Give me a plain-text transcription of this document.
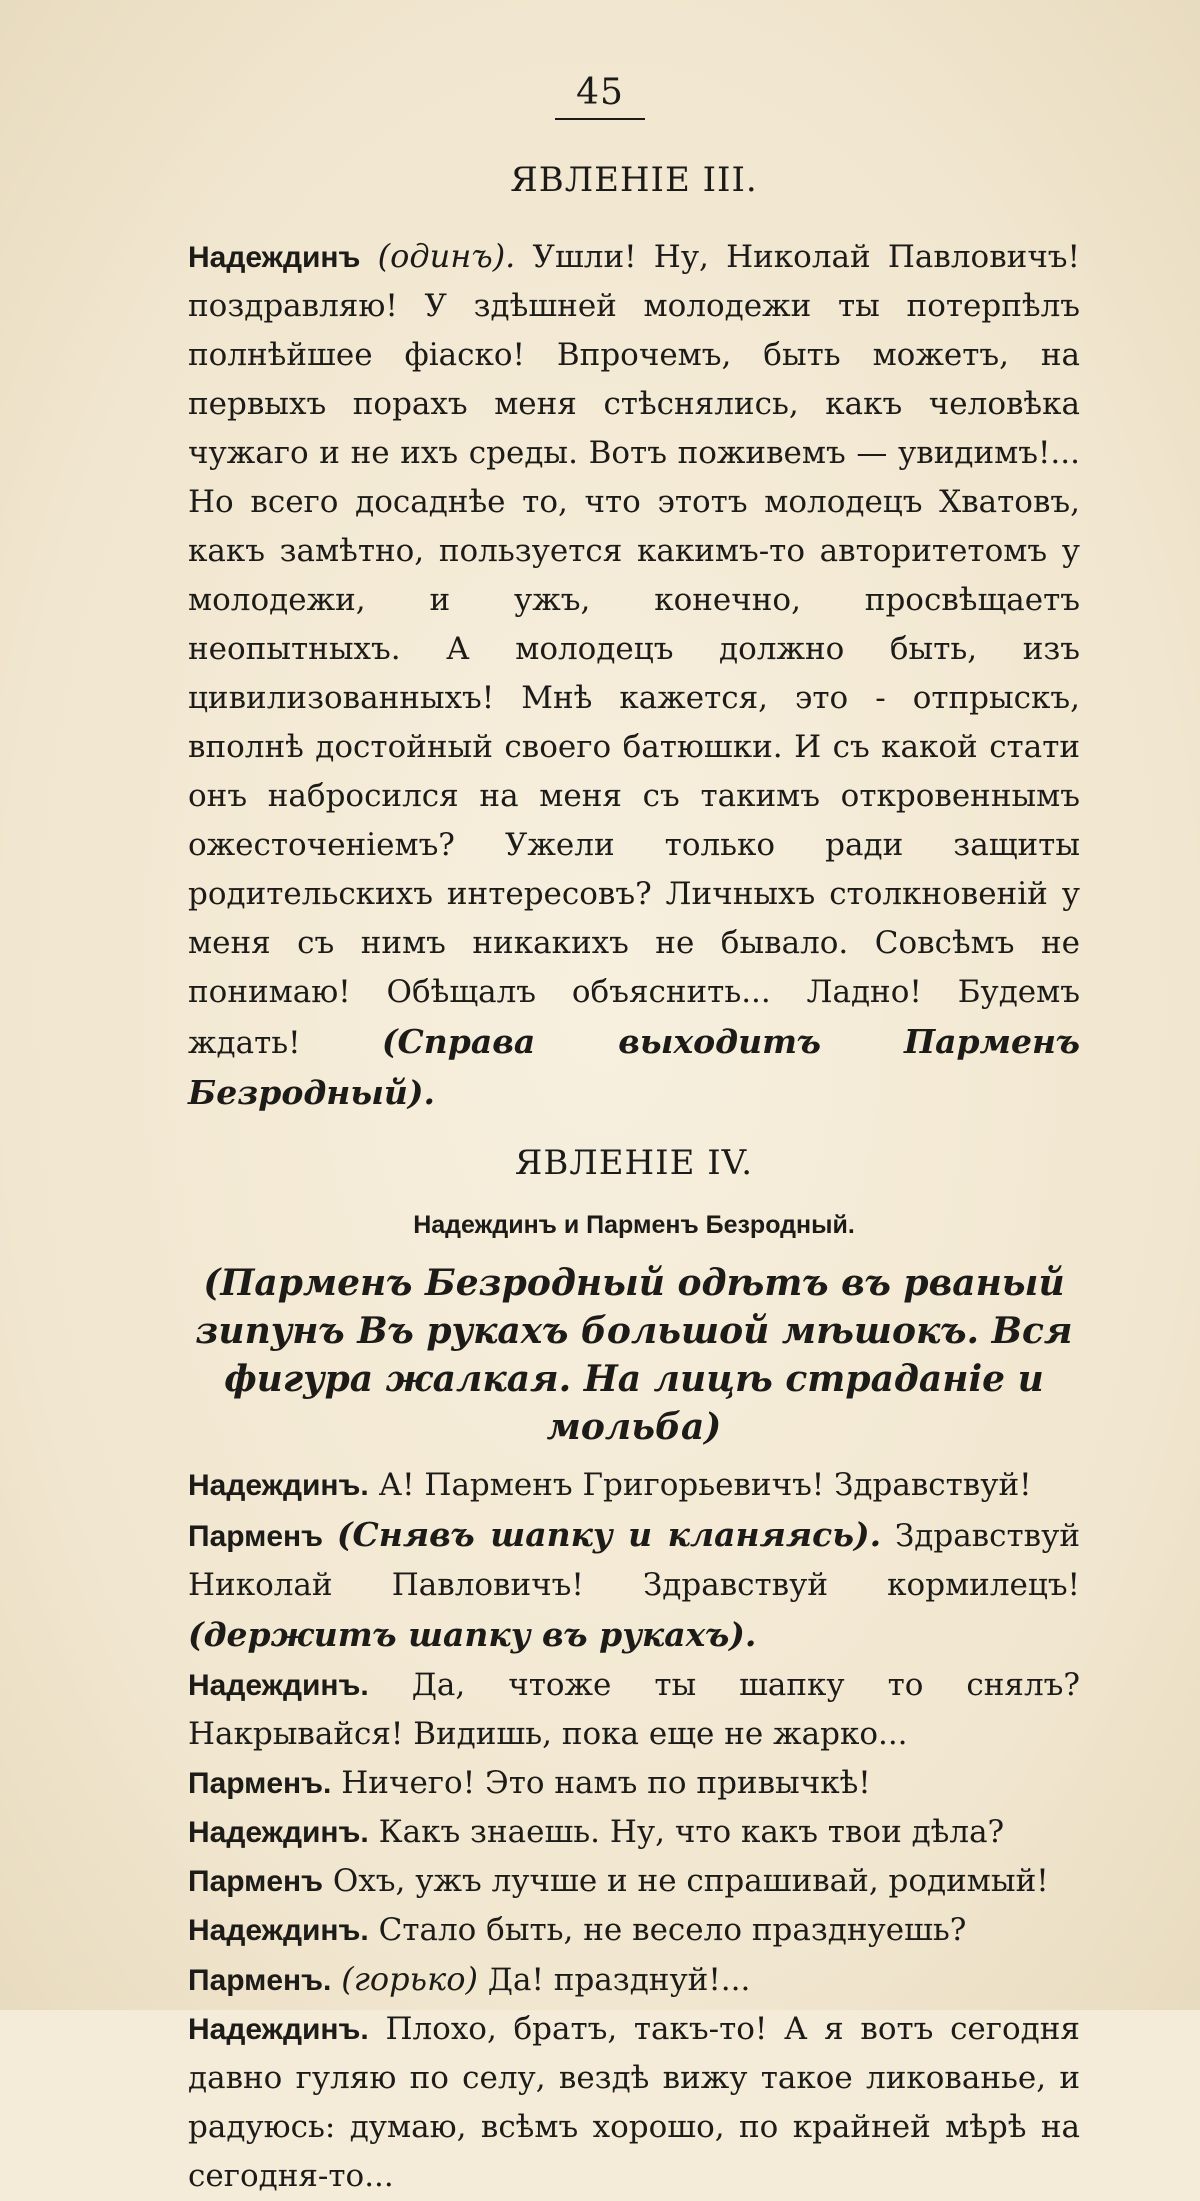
45
ЯВЛЕНІЕ III.

Надеждинъ (одинъ). Ушли! Ну, Николай Павловичъ! поздравляю! У здѣшней молодежи ты потерпѣлъ полнѣйшее фіаско! Впрочемъ, быть можетъ, на первыхъ порахъ меня стѣснялись, какъ человѣка чужаго и не ихъ среды. Вотъ поживемъ — увидимъ!... Но всего досаднѣе то, что этотъ молодецъ Хватовъ, какъ замѣтно, пользуется какимъ-то авторитетомъ у молодежи, и ужъ, конечно, просвѣщаетъ неопытныхъ. А молодецъ должно быть, изъ цивилизованныхъ! Мнѣ кажется, это - отпрыскъ, вполнѣ достойный своего батюшки. И съ какой стати онъ набросился на меня съ такимъ откровеннымъ ожесточеніемъ? Ужели только ради защиты родительскихъ интересовъ? Личныхъ столкновеній у меня съ нимъ никакихъ не бывало. Совсѣмъ не понимаю! Обѣщалъ объяснить... Ладно! Будемъ ждать! (Справа выходитъ Парменъ Безродный).

ЯВЛЕНІЕ IV.
Надеждинъ и Парменъ Безродный.
(Парменъ Безродный одѣтъ въ рваный зипунъ Въ рукахъ большой мѣшокъ. Вся фигура жалкая. На лицѣ страданіе и мольба)

Надеждинъ. А! Парменъ Григорьевичъ! Здравствуй!

Парменъ (Снявъ шапку и кланяясь). Здравствуй Николай Павловичъ! Здравствуй кормилецъ! (держитъ шапку въ рукахъ).

Надеждинъ. Да, чтоже ты шапку то снялъ? Накрывайся! Видишь, пока еще не жарко...

Парменъ. Ничего! Это намъ по привычкѣ!

Надеждинъ. Какъ знаешь. Ну, что какъ твои дѣла?

Парменъ Охъ, ужъ лучше и не спрашивай, родимый!

Надеждинъ. Стало быть, не весело празднуешь?

Парменъ. (горько) Да! празднуй!...

Надеждинъ. Плохо, братъ, такъ-то! А я вотъ сегодня давно гуляю по селу, вездѣ вижу такое ликованье, и радуюсь: думаю, всѣмъ хорошо, по крайней мѣрѣ на сегодня-то...
